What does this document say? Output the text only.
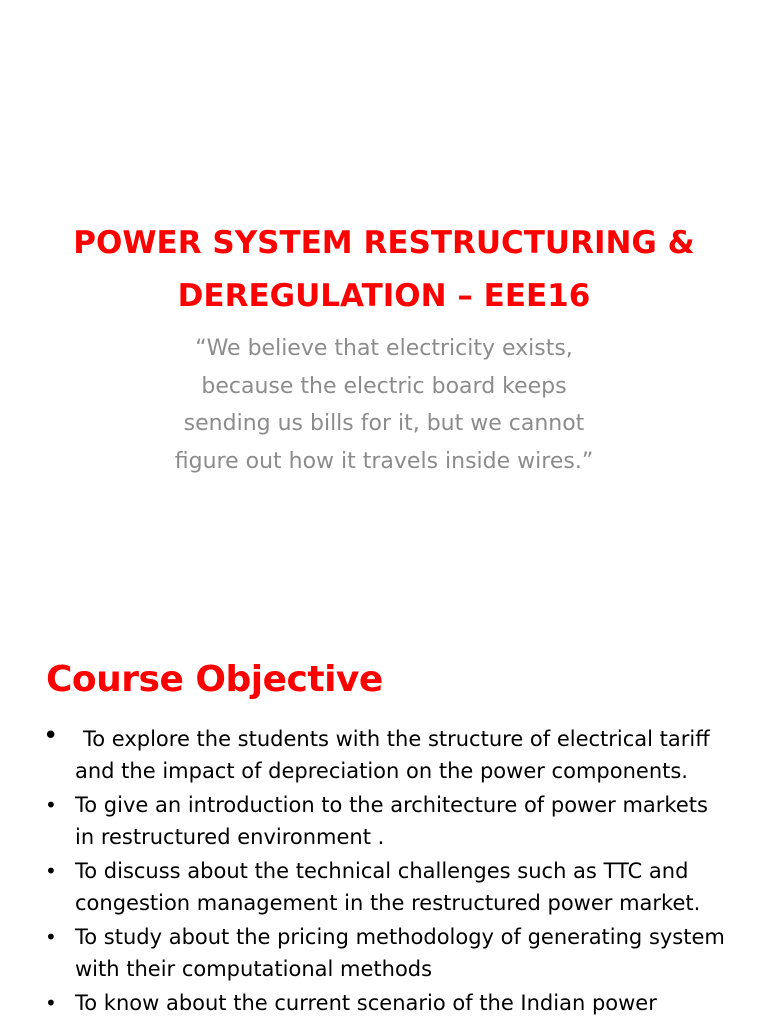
POWER SYSTEM RESTRUCTURING &
DEREGULATION – EEE16
“We believe that electricity exists,
because the electric board keeps
sending us bills for it, but we cannot
figure out how it travels inside wires.”
Course Objective
•	To explore the students with the structure of electrical tariff
and the impact of depreciation on the power components.
• To give an introduction to the architecture of power markets
in restructured environment .
• To discuss about the technical challenges such as TTC and
congestion management in the restructured power market.
• To study about the pricing methodology of generating system
with their computational methods
• To know about the current scenario of the Indian power
